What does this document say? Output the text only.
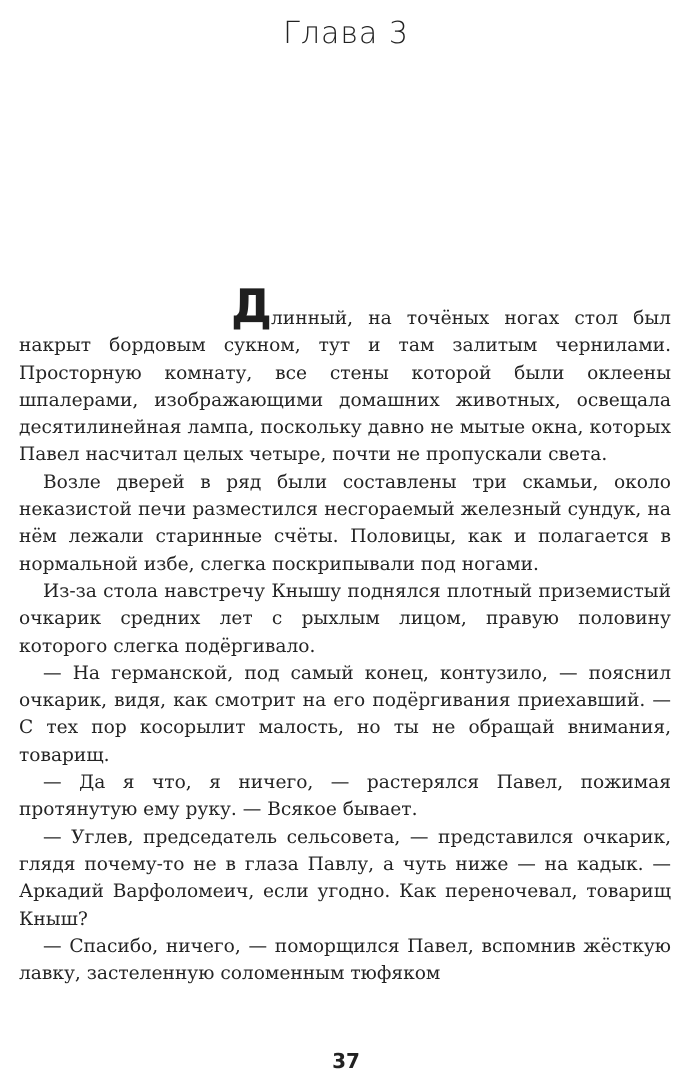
Глава 3

Длинный, на точёных ногах стол был накрыт бордовым сукном, тут и там залитым чернилами. Просторную комнату, все стены которой были оклеены шпалерами, изображающими домашних животных, освещала десятилинейная лампа, поскольку давно не мытые окна, которых Павел насчитал целых четыре, почти не пропускали света.

Возле дверей в ряд были составлены три скамьи, около неказистой печи разместился несгораемый железный сундук, на нём лежали старинные счёты. Половицы, как и полагается в нормальной избе, слегка поскрипывали под ногами.

Из-за стола навстречу Кнышу поднялся плотный приземистый очкарик средних лет с рыхлым лицом, правую половину которого слегка подёргивало.

— На германской, под самый конец, контузило, — пояснил очкарик, видя, как смотрит на его подёргивания приехавший. — С тех пор косорылит малость, но ты не обращай внимания, товарищ.

— Да я что, я ничего, — растерялся Павел, пожимая протянутую ему руку. — Всякое бывает.

— Углев, председатель сельсовета, — представился очкарик, глядя почему-то не в глаза Павлу, а чуть ниже — на кадык. — Аркадий Варфоломеич, если угодно. Как переночевал, товарищ Кныш?

— Спасибо, ничего, — поморщился Павел, вспомнив жёсткую лавку, застеленную соломенным тюфяком

37
